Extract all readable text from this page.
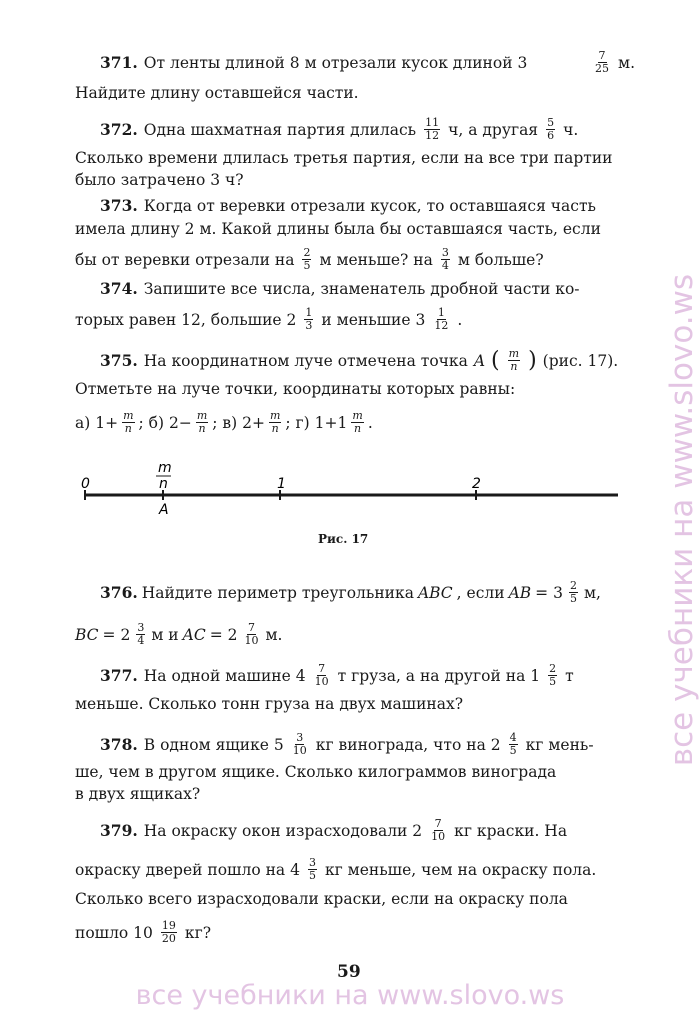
371. От ленты длиной 8 м отрезали кусок длиной 3	$\frac{7}{25} м$.
Найдите длину оставшейся части.
372. Одна шахматная партия длилась $\frac{11}{12} ч$, а другая $\frac{5}{6} ч$.
Сколько времени длилась третья партия, если на все три партии
было затрачено 3 ч?
373. Когда от веревки отрезали кусок, то оставшаяся часть
имела длину 2 м. Какой длины была бы оставшаяся часть, если
бы от веревки отрезали на $\frac{2}{5}$ м меньше? на $\frac{3}{4}$ м больше?
374. Запишите все числа, знаменатель дробной части ко-
торых равен 12, большие $2 \frac{1}{3}$ и меньшие $3 \frac{1}{12}$ .
375. На координатном луче отмечена точка A ( $\frac{m}{n}$ ) (рис. 17).
Отметьте на луче точки, координаты которых равны:
а) $1+ \frac{m}{n}$ ; б) $2- \frac{m}{n}$ ; в) $2+ \frac{m}{n}$ ; г) $1+1 \frac{m}{n}$ .
0
m
n
A
1	2
Рис. 17
376. Найдите периметр треугольника ABC , если AB = $3 \frac{2}{5} м$,
BC = $2 \frac{3}{4}$ м и AC = $2 \frac{7}{10} м$.
377. На одной машине $4 \frac{7}{10}$ т груза, а на другой на $1 \frac{2}{5}$ т
меньше. Сколько тонн груза на двух машинах?
378. В одном ящике $5 \frac{3}{10}$ кг винограда, что на $2 \frac{4}{5}$ кг мень-
ше, чем в другом ящике. Сколько килограммов винограда
в двух ящиках?
379. На окраску окон израсходовали $2 \frac{7}{10}$ кг краски. На
окраску дверей пошло на $4 \frac{3}{5}$ кг меньше, чем на окраску пола.
Сколько всего израсходовали краски, если на окраску пола
пошло $10 \frac{19}{20}$ кг?
59
все учебники на www.slovo.ws
все учебники на www.slovo.ws
